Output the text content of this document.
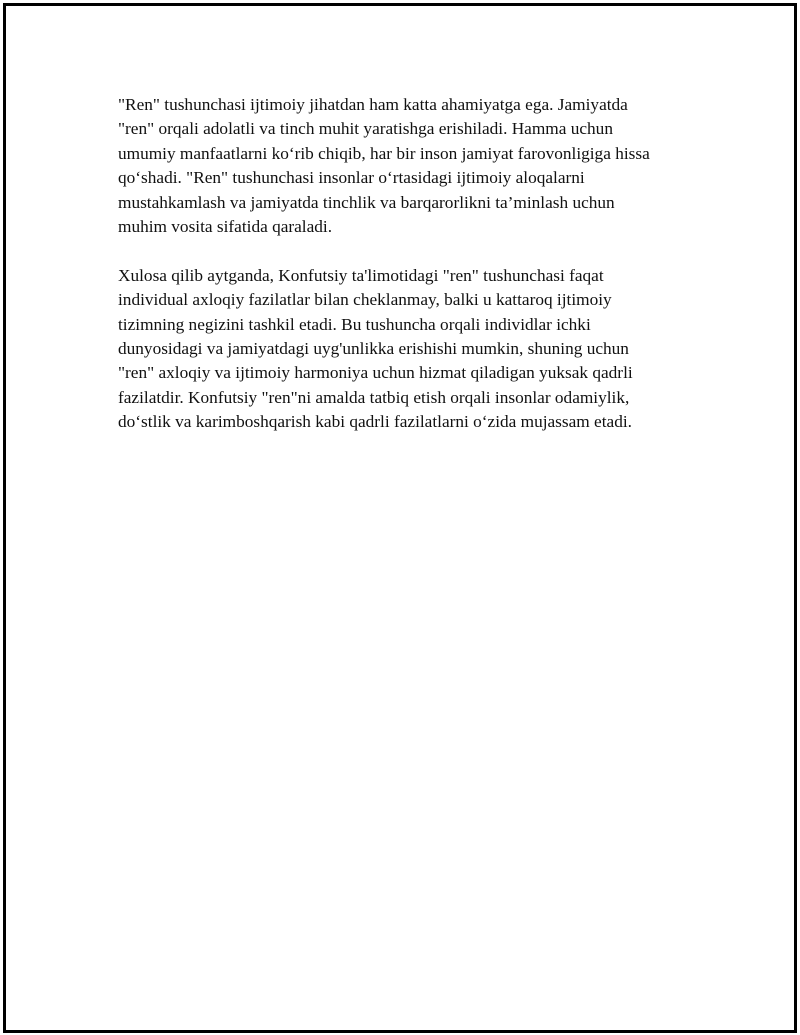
"Ren" tushunchasi ijtimoiy jihatdan ham katta ahamiyatga ega. Jamiyatda
"ren" orqali adolatli va tinch muhit yaratishga erishiladi. Hamma uchun
umumiy manfaatlarni ko‘rib chiqib, har bir inson jamiyat farovonligiga hissa
qo‘shadi. "Ren" tushunchasi insonlar o‘rtasidagi ijtimoiy aloqalarni
mustahkamlash va jamiyatda tinchlik va barqarorlikni ta’minlash uchun
muhim vosita sifatida qaraladi.

Xulosa qilib aytganda, Konfutsiy ta'limotidagi "ren" tushunchasi faqat
individual axloqiy fazilatlar bilan cheklanmay, balki u kattaroq ijtimoiy
tizimning negizini tashkil etadi. Bu tushuncha orqali individlar ichki
dunyosidagi va jamiyatdagi uyg'unlikka erishishi mumkin, shuning uchun
"ren" axloqiy va ijtimoiy harmoniya uchun hizmat qiladigan yuksak qadrli
fazilatdir. Konfutsiy "ren"ni amalda tatbiq etish orqali insonlar odamiylik,
do‘stlik va karimboshqarish kabi qadrli fazilatlarni o‘zida mujassam etadi.
